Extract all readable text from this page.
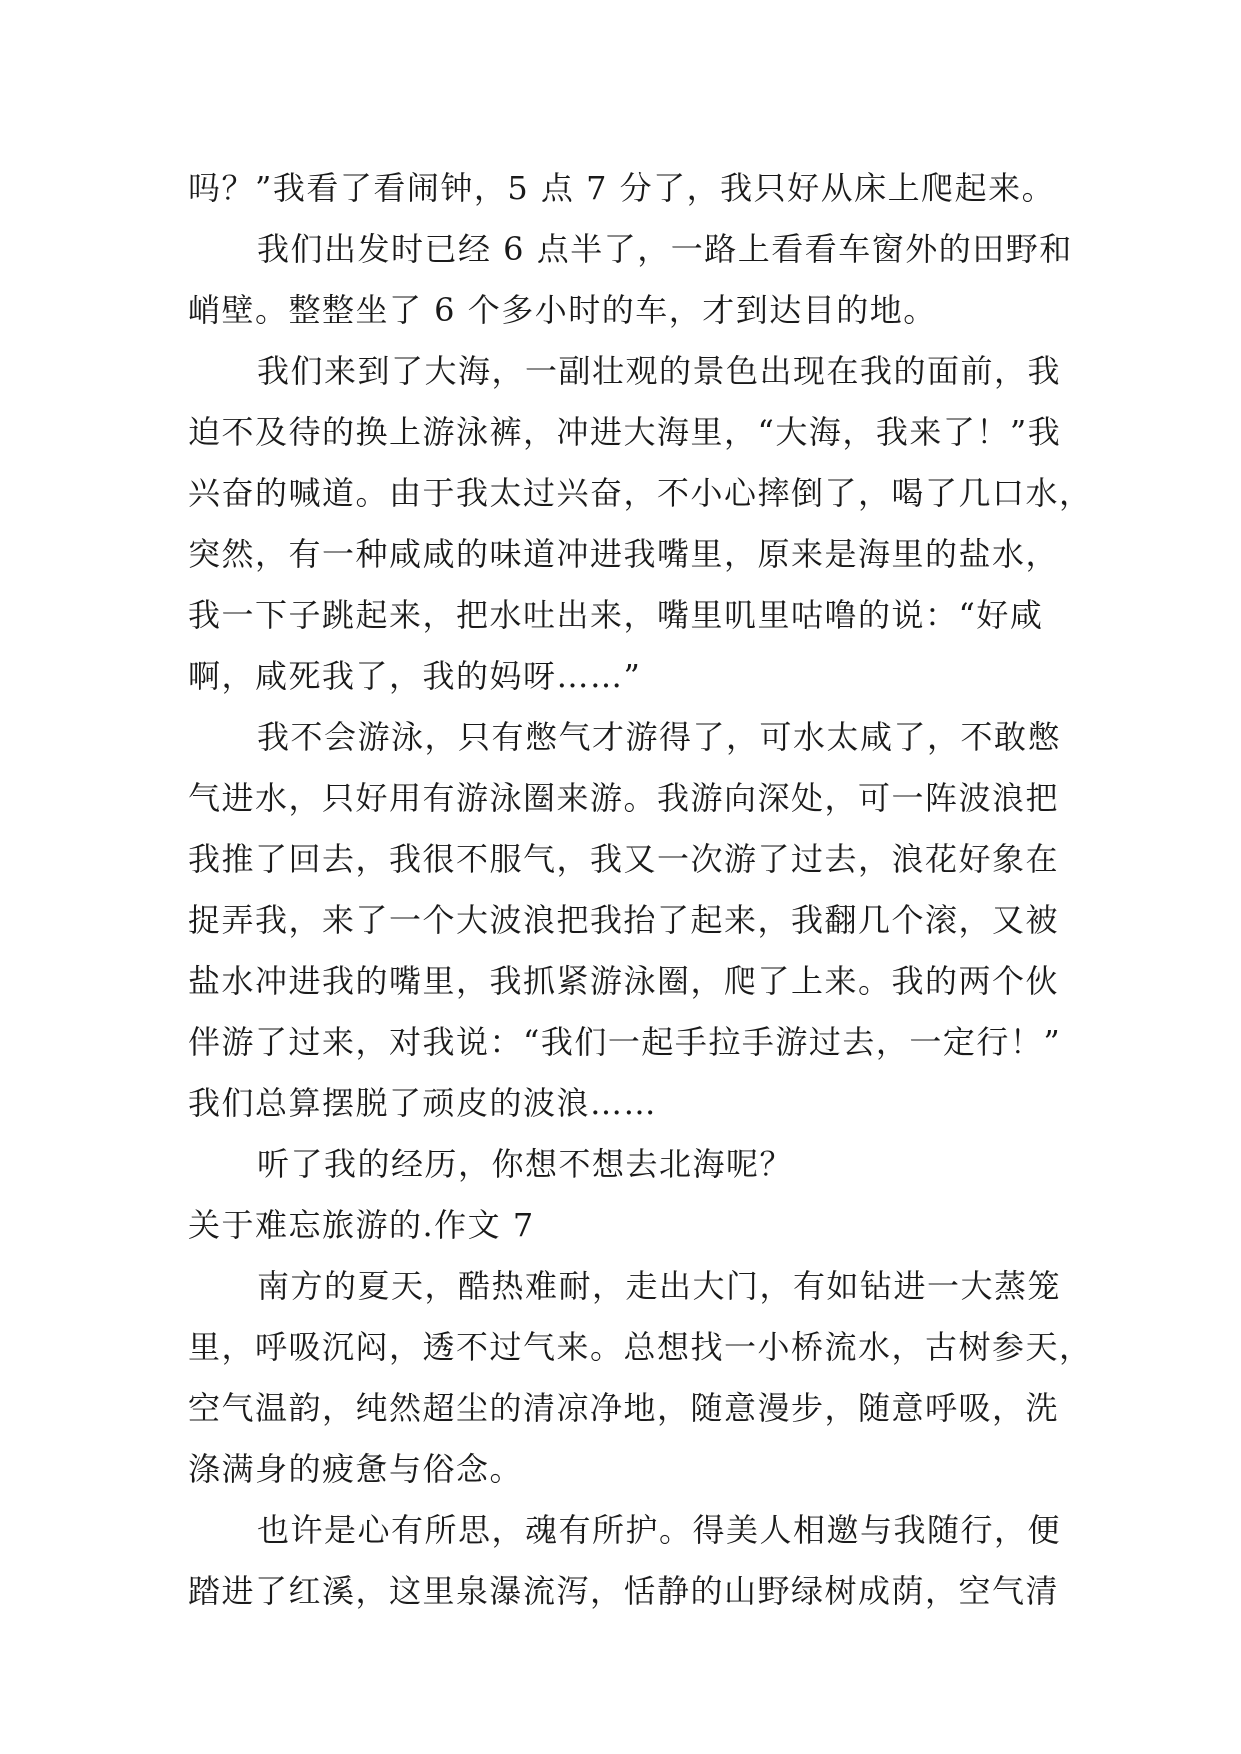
吗？”我看了看闹钟，5 点 7 分了，我只好从床上爬起来。
我们出发时已经 6 点半了，一路上看看车窗外的田野和
峭壁。整整坐了 6 个多小时的车，才到达目的地。
我们来到了大海，一副壮观的景色出现在我的面前，我
迫不及待的换上游泳裤，冲进大海里，“大海，我来了！”我
兴奋的喊道。由于我太过兴奋，不小心摔倒了，喝了几口水，
突然，有一种咸咸的味道冲进我嘴里，原来是海里的盐水，
我一下子跳起来，把水吐出来，嘴里叽里咕噜的说：“好咸
啊，咸死我了，我的妈呀……”
我不会游泳，只有憋气才游得了，可水太咸了，不敢憋
气进水，只好用有游泳圈来游。我游向深处，可一阵波浪把
我推了回去，我很不服气，我又一次游了过去，浪花好象在
捉弄我，来了一个大波浪把我抬了起来，我翻几个滚，又被
盐水冲进我的嘴里，我抓紧游泳圈，爬了上来。我的两个伙
伴游了过来，对我说：“我们一起手拉手游过去，一定行！”
我们总算摆脱了顽皮的波浪……
听了我的经历，你想不想去北海呢？
关于难忘旅游的.作文 7
南方的夏天，酷热难耐，走出大门，有如钻进一大蒸笼
里，呼吸沉闷，透不过气来。总想找一小桥流水，古树参天，
空气温韵，纯然超尘的清凉净地，随意漫步，随意呼吸，洗
涤满身的疲惫与俗念。
也许是心有所思，魂有所护。得美人相邀与我随行，便
踏进了红溪，这里泉瀑流泻，恬静的山野绿树成荫，空气清
